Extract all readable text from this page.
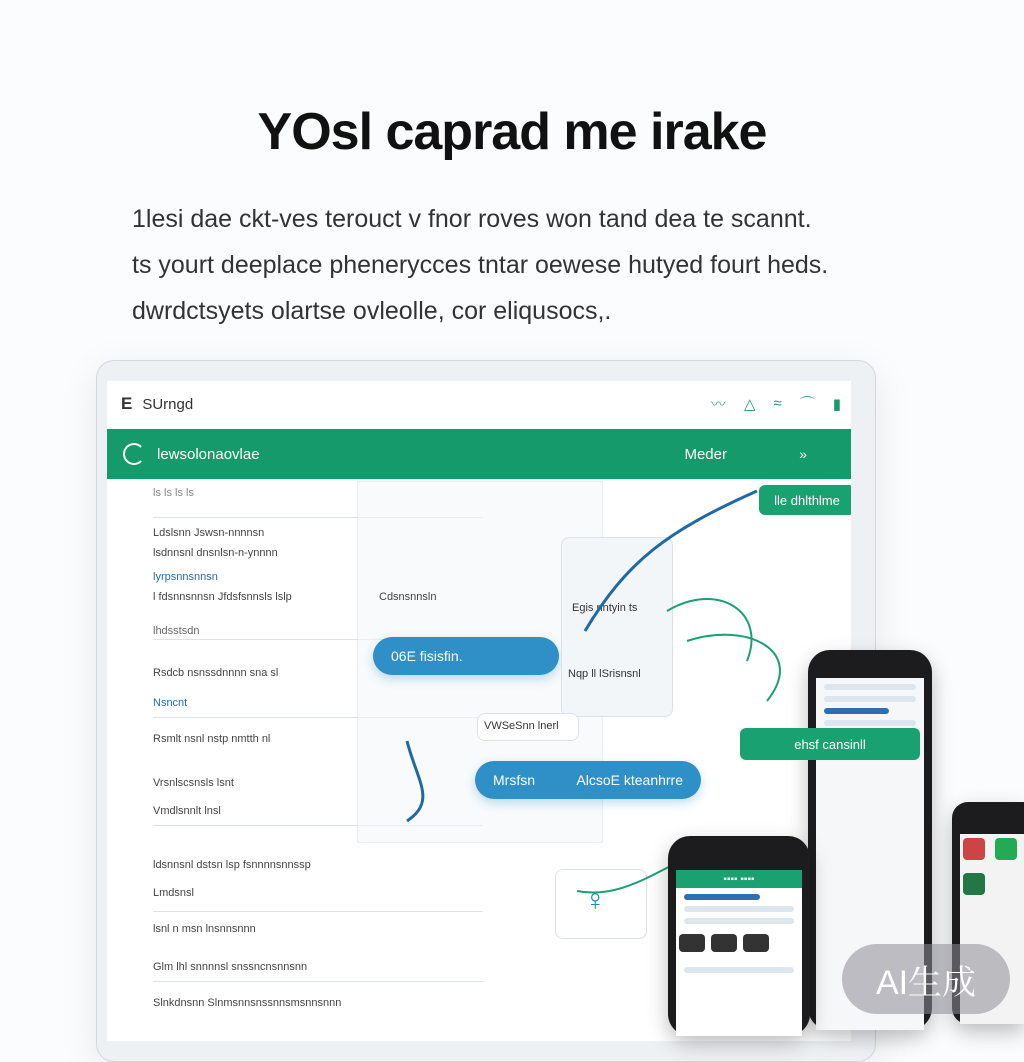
YOsl caprad me irake
1lesi dae ckt-ves terouct v fnor roves won tand dea te scannt.
ts yourt deeplace phenerycces tntar oewese hutyed fourt heds.
dwrdctsyets olartse ovleolle, cor eliqusocs,.
E SUrngd	〰 △ ≈ ⌒ ▮
lewsolonaovlae	Meder	»
ls ls ls ls
Ldslsnn Jswsn-nnnnsn
lsdnnsnl dnsnlsn-n-ynnnn
lyrpsnnsnnsn
l fdsnnsnnsn Jfdsfsnnsls lslp
lhdsstsdn
Rsdcb nsnssdnnnn sna sl
Nsncnt
Rsmlt nsnl nstp nmtth nl
Vrsnlscsnsls lsnt
Vmdlsnnlt lnsl
ldsnnsnl dstsn lsp fsnnnnsnnssp
Lmdsnsl
lsnl n msn lnsnnsnnn
Glm lhl snnnnsl snssncnsnnsnn
Slnkdnsnn Slnmsnnsnssnnsmsnnsnnn
Cdsnsnnsln
06E fisisfin.
Egis nntyin ts
Nqp ll lSrisnsnl
VWSeSnn lnerl
Mrsfsn	AlcsoE kteanhrre
lle dhlthlme
♀
ehsf cansinll
▪▪▪▪ ▪▪▪▪

AI生成
